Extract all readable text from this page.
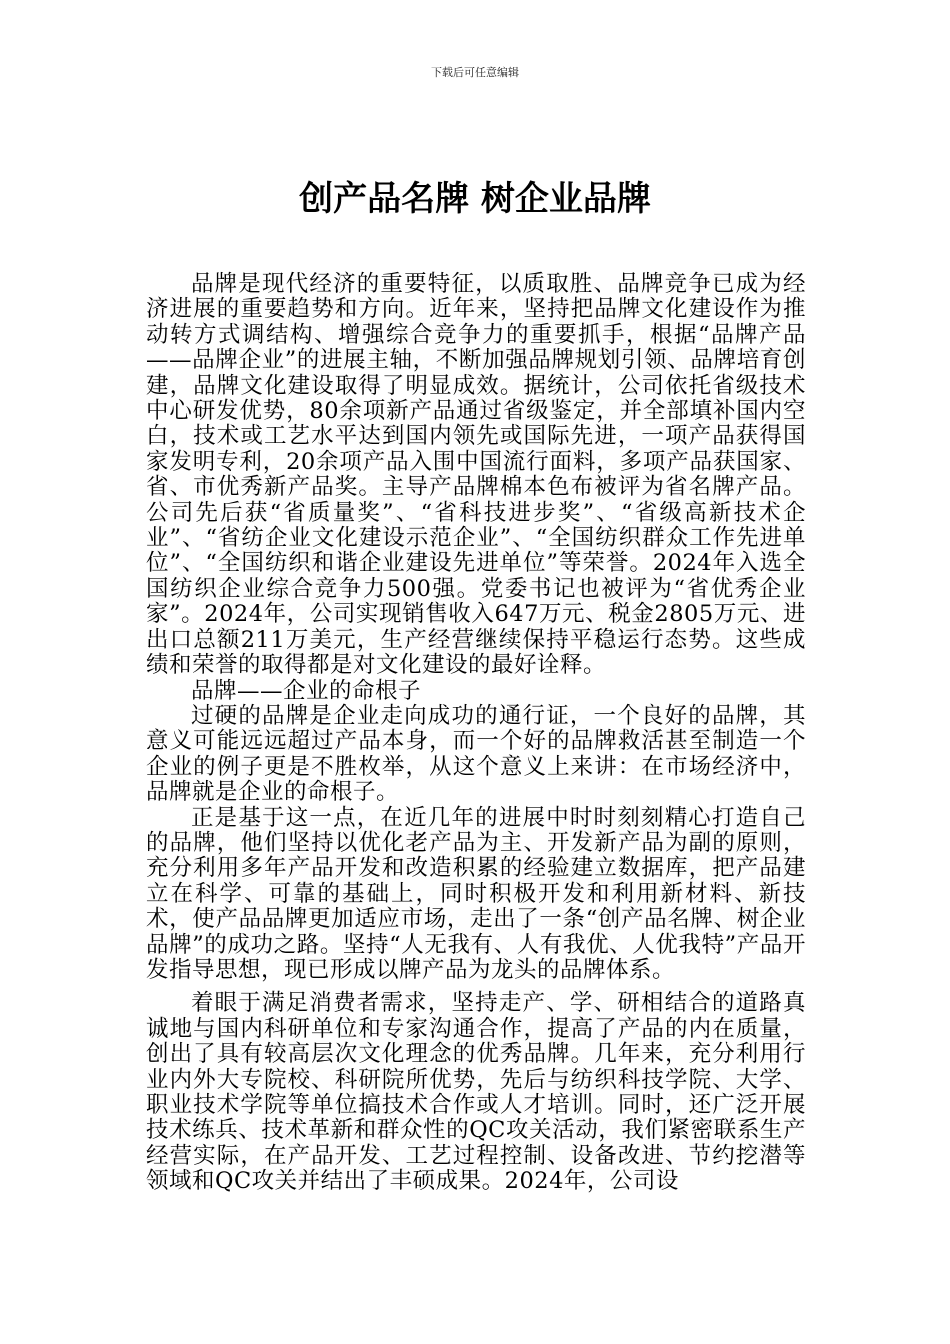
下载后可任意编辑
创产品名牌 树企业品牌

品牌是现代经济的重要特征，以质取胜、品牌竞争已成为经济进展的重要趋势和方向。近年来，坚持把品牌文化建设作为推动转方式调结构、增强综合竞争力的重要抓手，根据“品牌产品——品牌企业”的进展主轴，不断加强品牌规划引领、品牌培育创建，品牌文化建设取得了明显成效。据统计，公司依托省级技术中心研发优势，80余项新产品通过省级鉴定，并全部填补国内空白，技术或工艺水平达到国内领先或国际先进，一项产品获得国家发明专利，20余项产品入围中国流行面料，多项产品获国家、省、市优秀新产品奖。主导产品牌棉本色布被评为省名牌产品。公司先后获“省质量奖”、“省科技进步奖”、“省级高新技术企业”、“省纺企业文化建设示范企业”、“全国纺织群众工作先进单位”、“全国纺织和谐企业建设先进单位”等荣誉。2024年入选全国纺织企业综合竞争力500强。党委书记也被评为“省优秀企业家”。2024年，公司实现销售收入647万元、税金2805万元、进出口总额211万美元，生产经营继续保持平稳运行态势。这些成绩和荣誉的取得都是对文化建设的最好诠释。

品牌——企业的命根子

过硬的品牌是企业走向成功的通行证，一个良好的品牌，其意义可能远远超过产品本身，而一个好的品牌救活甚至制造一个企业的例子更是不胜枚举，从这个意义上来讲：在市场经济中，品牌就是企业的命根子。

正是基于这一点，在近几年的进展中时时刻刻精心打造自己的品牌，他们坚持以优化老产品为主、开发新产品为副的原则，充分利用多年产品开发和改造积累的经验建立数据库，把产品建立在科学、可靠的基础上，同时积极开发和利用新材料、新技术，使产品品牌更加适应市场，走出了一条“创产品名牌、树企业品牌”的成功之路。坚持“人无我有、人有我优、人优我特”产品开发指导思想，现已形成以牌产品为龙头的品牌体系。

着眼于满足消费者需求，坚持走产、学、研相结合的道路真诚地与国内科研单位和专家沟通合作，提高了产品的内在质量，创出了具有较高层次文化理念的优秀品牌。几年来，充分利用行业内外大专院校、科研院所优势，先后与纺织科技学院、大学、职业技术学院等单位搞技术合作或人才培训。同时，还广泛开展技术练兵、技术革新和群众性的QC攻关活动，我们紧密联系生产经营实际，在产品开发、工艺过程控制、设备改进、节约挖潜等领域和QC攻关并结出了丰硕成果。2024年，公司设
